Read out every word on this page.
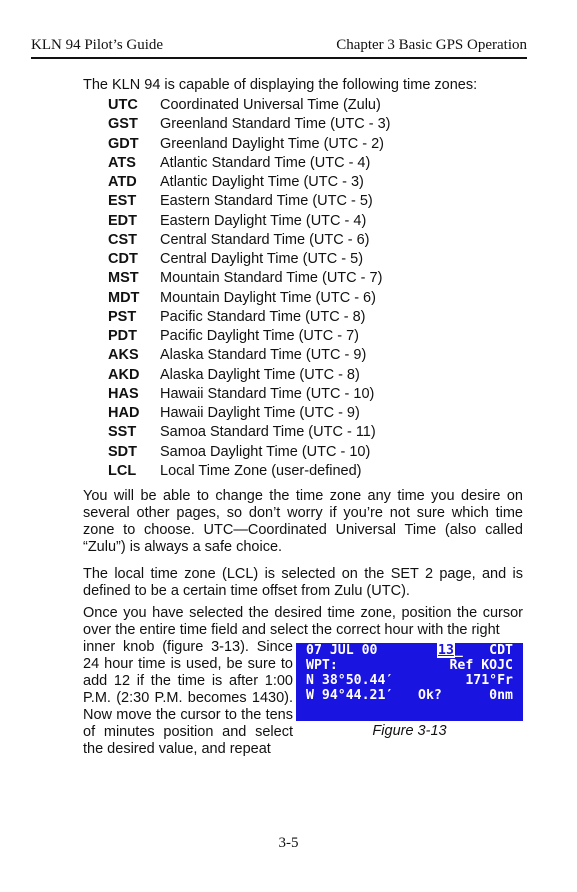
KLN 94 Pilot’s Guide	Chapter 3 Basic GPS Operation
The KLN 94 is capable of displaying the following time zones:
UTC Coordinated Universal Time (Zulu)
GST Greenland Standard Time (UTC - 3)
GDT Greenland Daylight Time (UTC - 2)
ATS Atlantic Standard Time (UTC - 4)
ATD Atlantic Daylight Time (UTC - 3)
EST Eastern Standard Time (UTC - 5)
EDT Eastern Daylight Time (UTC - 4)
CST Central Standard Time (UTC - 6)
CDT Central Daylight Time (UTC - 5)
MST Mountain Standard Time (UTC - 7)
MDT Mountain Daylight Time (UTC - 6)
PST Pacific Standard Time (UTC - 8)
PDT Pacific Daylight Time (UTC - 7)
AKS Alaska Standard Time (UTC - 9)
AKD Alaska Daylight Time (UTC - 8)
HAS Hawaii Standard Time (UTC - 10)
HAD Hawaii Daylight Time (UTC - 9)
SST Samoa Standard Time (UTC - 11)
SDT Samoa Daylight Time (UTC - 10)
LCL Local Time Zone (user-defined)

You will be able to change the time zone any time you desire on several other pages, so don’t worry if you’re not sure which time zone to choose. UTC—Coordinated Universal Time (also called “Zulu”) is always a safe choice.

The local time zone (LCL) is selected on the SET 2 page, and is defined to be a certain time offset from Zulu (UTC).

Once you have selected the desired time zone, position the cursor over the entire time field and select the correct hour with the right

inner knob (figure 3-13). Since 24 hour time is used, be sure to add 12 if the time is after 1:00 P.M. (2:30 P.M. becomes 1430). Now move the cursor to the tens of minutes position and select the desired value, and repeat

07 JUL 00	13_ CDT
WPT:	Ref KOJC
N 38°50.44′	171°Fr
W 94°44.21′ Ok?	0nm
Figure 3-13
3-5
